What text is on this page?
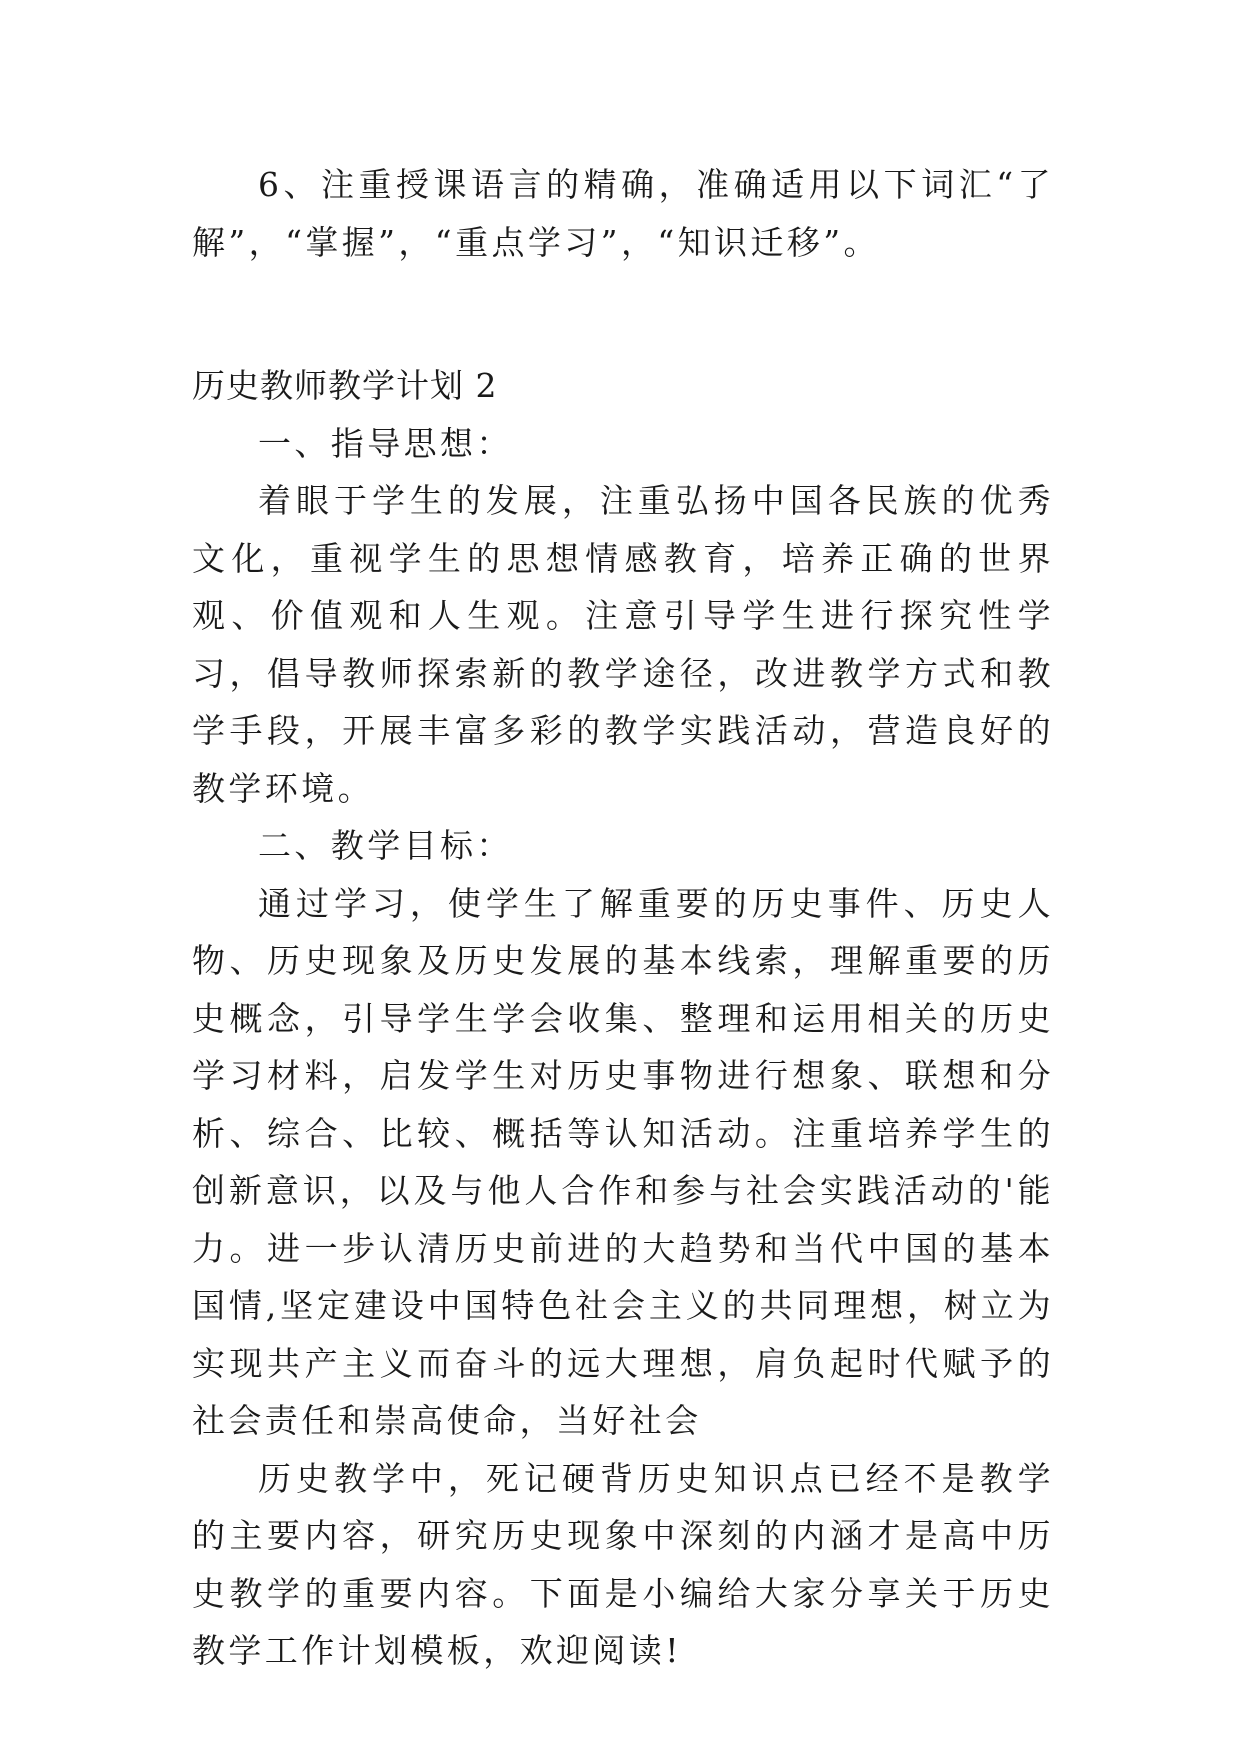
6、注重授课语言的精确，准确适用以下词汇“了解”，“掌握”，“重点学习”，“知识迁移”。

历史教师教学计划 2

一、指导思想：

着眼于学生的发展，注重弘扬中国各民族的优秀文化，重视学生的思想情感教育，培养正确的世界观、价值观和人生观。注意引导学生进行探究性学习，倡导教师探索新的教学途径，改进教学方式和教学手段，开展丰富多彩的教学实践活动，营造良好的教学环境。

二、教学目标：

通过学习，使学生了解重要的历史事件、历史人物、历史现象及历史发展的基本线索，理解重要的历史概念，引导学生学会收集、整理和运用相关的历史学习材料，启发学生对历史事物进行想象、联想和分析、综合、比较、概括等认知活动。注重培养学生的创新意识，以及与他人合作和参与社会实践活动的'能力。进一步认清历史前进的大趋势和当代中国的基本国情,坚定建设中国特色社会主义的共同理想，树立为实现共产主义而奋斗的远大理想，肩负起时代赋予的社会责任和崇高使命，当好社会

历史教学中，死记硬背历史知识点已经不是教学的主要内容，研究历史现象中深刻的内涵才是高中历史教学的重要内容。下面是小编给大家分享关于历史教学工作计划模板，欢迎阅读!
